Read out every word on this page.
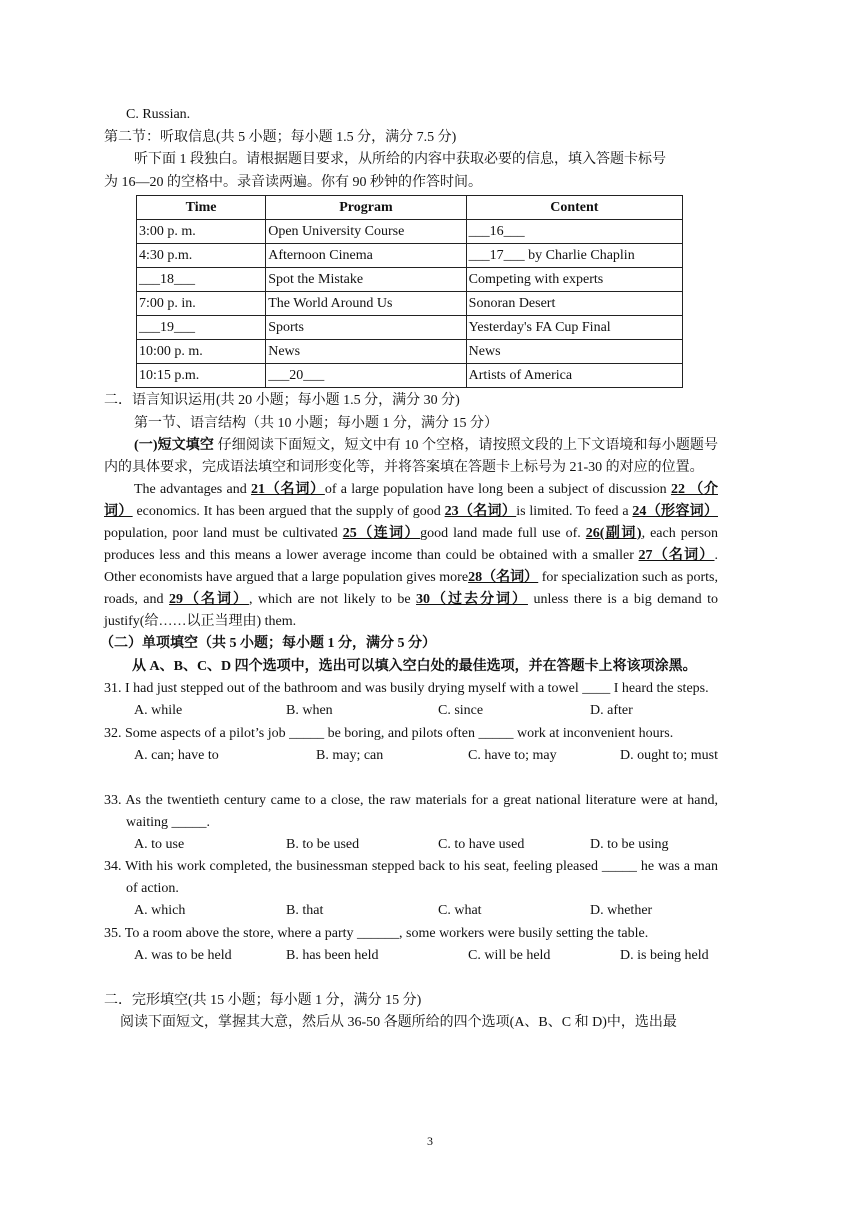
C. Russian.
第二节：听取信息(共 5 小题；每小题 1.5 分，满分 7.5 分)
听下面 1 段独白。请根据题目要求，从所给的内容中获取必要的信息，填入答题卡标号
为 16—20 的空格中。录音读两遍。你有 90 秒钟的作答时间。
Time	Program	Content
3:00 p. m.	Open University Course	___16___
4:30 p.m.	Afternoon Cinema	___17___ by Charlie Chaplin
___18___	Spot the Mistake	Competing with experts
7:00 p. in.	The World Around Us	Sonoran Desert
___19___	Sports	Yesterday's FA Cup Final
10:00 p. m.	News	News
10:15 p.m.	___20___	Artists of America
二．语言知识运用(共 20 小题；每小题 1.5 分，满分 30 分)
第一节、语言结构（共 10 小题；每小题 1 分，满分 15 分）
(一)短文填空 仔细阅读下面短文，短文中有 10 个空格，请按照文段的上下文语境和每小题题号内的具体要求，完成语法填空和词形变化等，并将答案填在答题卡上标号为 21-30 的对应的位置。
The advantages and 21（名词）of a large population have long been a subject of discussion 22 （介词） economics. It has been argued that the supply of good 23（名词）is limited. To feed a 24（形容词） population, poor land must be cultivated 25（连词）good land made full use of. 26(副词), each person produces less and this means a lower average income than could be obtained with a smaller 27（名词）. Other economists have argued that a large population gives more28（名词） for specialization such as ports, roads, and 29（名词）, which are not likely to be 30（过去分词） unless there is a big demand to justify(给……以正当理由) them.
（二）单项填空（共 5 小题；每小题 1 分，满分 5 分）
从 A、B、C、D 四个选项中，选出可以填入空白处的最佳选项，并在答题卡上将该项涂黑。
31. I had just stepped out of the bathroom and was busily drying myself with a towel ____ I heard the steps.
A. while	B. when	C. since	D. after
32. Some aspects of a pilot’s job _____ be boring, and pilots often _____ work at inconvenient hours.
A. can; have to	B. may; can	C. have to; may	D. ought to; must
33. As the twentieth century came to a close, the raw materials for a great national literature were at hand, waiting _____.
A. to use	B. to be used	C. to have used	D. to be using
34. With his work completed, the businessman stepped back to his seat, feeling pleased _____ he was a man of action.
A. which	B. that	C. what	D. whether
35. To a room above the store, where a party ______, some workers were busily setting the table.
A. was to be held	B. has been held	C. will be held	D. is being held
二．完形填空(共 15 小题；每小题 1 分，满分 15 分)
阅读下面短文，掌握其大意，然后从 36-50 各题所给的四个选项(A、B、C 和 D)中，选出最
3
